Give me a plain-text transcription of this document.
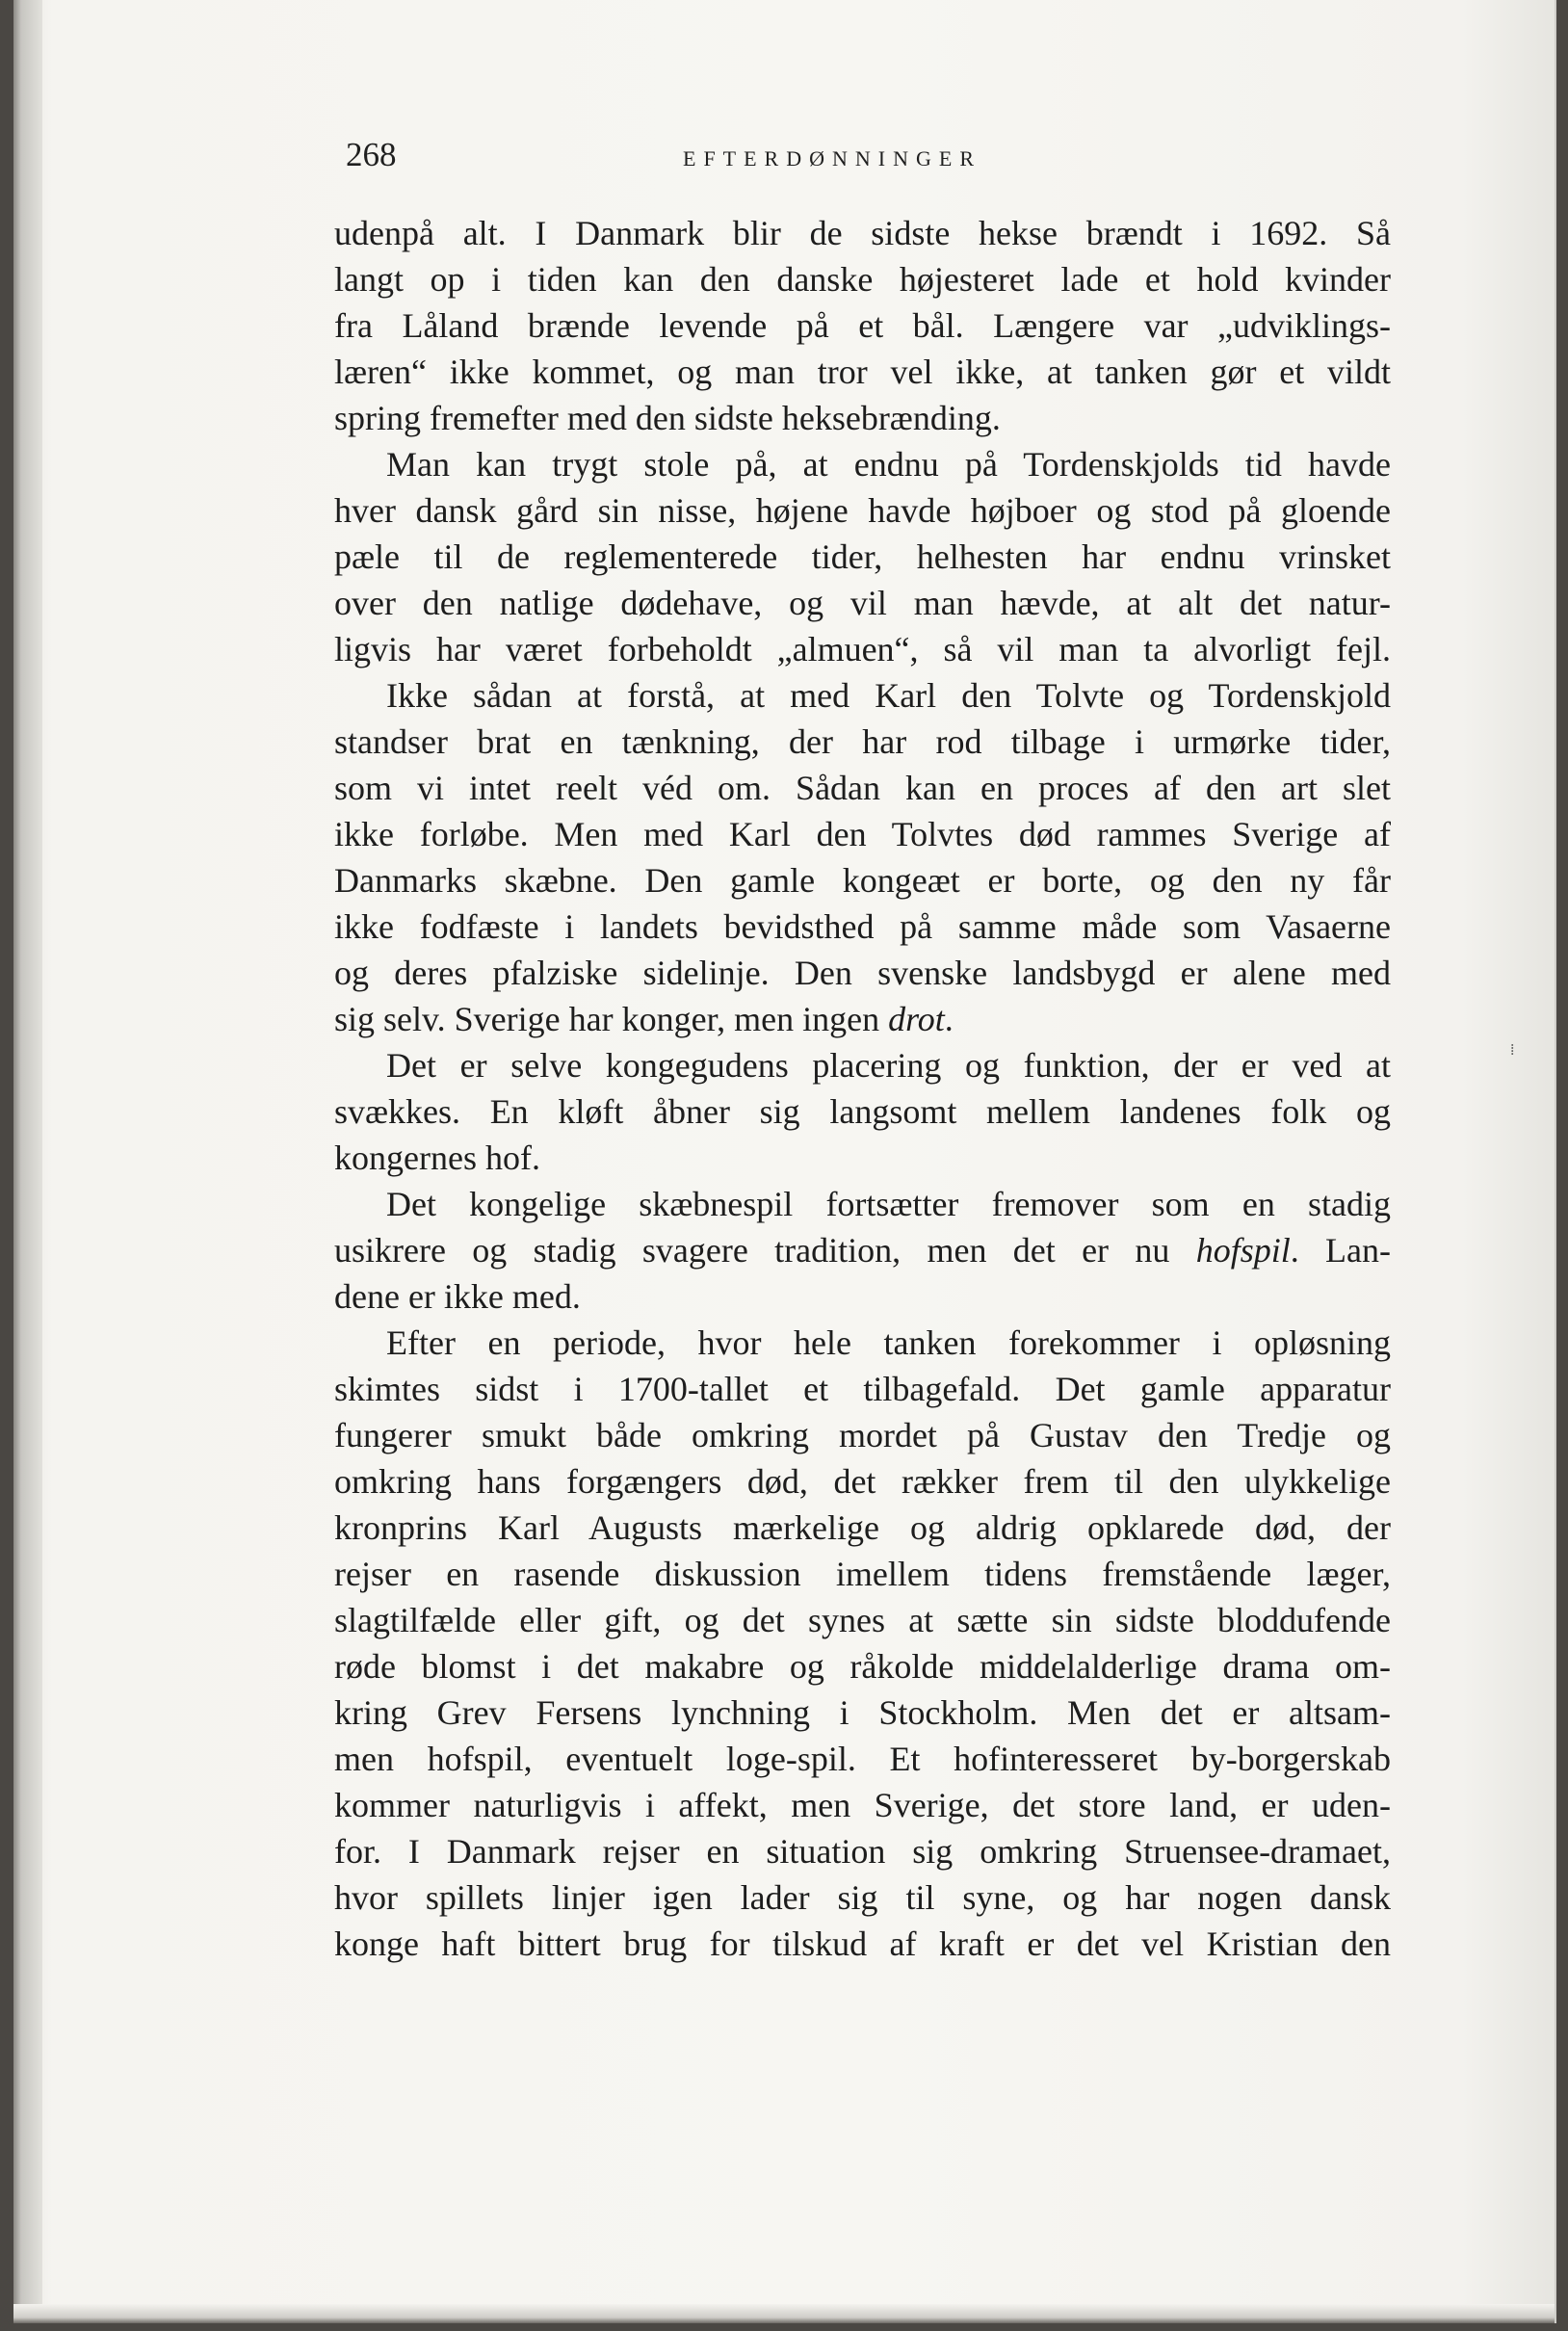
268	EFTERDØNNINGER
udenpå alt. I Danmark blir de sidste hekse brændt i 1692. Så
langt op i tiden kan den danske højesteret lade et hold kvinder
fra Låland brænde levende på et bål. Længere var „udviklings-
læren“ ikke kommet, og man tror vel ikke, at tanken gør et vildt
spring fremefter med den sidste heksebrænding.
Man kan trygt stole på, at endnu på Tordenskjolds tid havde
hver dansk gård sin nisse, højene havde højboer og stod på gloende
pæle til de reglementerede tider, helhesten har endnu vrinsket
over den natlige dødehave, og vil man hævde, at alt det natur-
ligvis har været forbeholdt „almuen“, så vil man ta alvorligt fejl.
Ikke sådan at forstå, at med Karl den Tolvte og Tordenskjold
standser brat en tænkning, der har rod tilbage i urmørke tider,
som vi intet reelt véd om. Sådan kan en proces af den art slet
ikke forløbe. Men med Karl den Tolvtes død rammes Sverige af
Danmarks skæbne. Den gamle kongeæt er borte, og den ny får
ikke fodfæste i landets bevidsthed på samme måde som Vasaerne
og deres pfalziske sidelinje. Den svenske landsbygd er alene med
sig selv. Sverige har konger, men ingen drot.
Det er selve kongegudens placering og funktion, der er ved at
svækkes. En kløft åbner sig langsomt mellem landenes folk og
kongernes hof.
Det kongelige skæbnespil fortsætter fremover som en stadig
usikrere og stadig svagere tradition, men det er nu hofspil. Lan-
dene er ikke med.
Efter en periode, hvor hele tanken forekommer i opløsning
skimtes sidst i 1700-tallet et tilbagefald. Det gamle apparatur
fungerer smukt både omkring mordet på Gustav den Tredje og
omkring hans forgængers død, det rækker frem til den ulykkelige
kronprins Karl Augusts mærkelige og aldrig opklarede død, der
rejser en rasende diskussion imellem tidens fremstående læger,
slagtilfælde eller gift, og det synes at sætte sin sidste bloddufende
røde blomst i det makabre og råkolde middelalderlige drama om-
kring Grev Fersens lynchning i Stockholm. Men det er altsam-
men hofspil, eventuelt loge-spil. Et hofinteresseret by-borgerskab
kommer naturligvis i affekt, men Sverige, det store land, er uden-
for. I Danmark rejser en situation sig omkring Struensee-dramaet,
hvor spillets linjer igen lader sig til syne, og har nogen dansk
konge haft bittert brug for tilskud af kraft er det vel Kristian den
⁞
